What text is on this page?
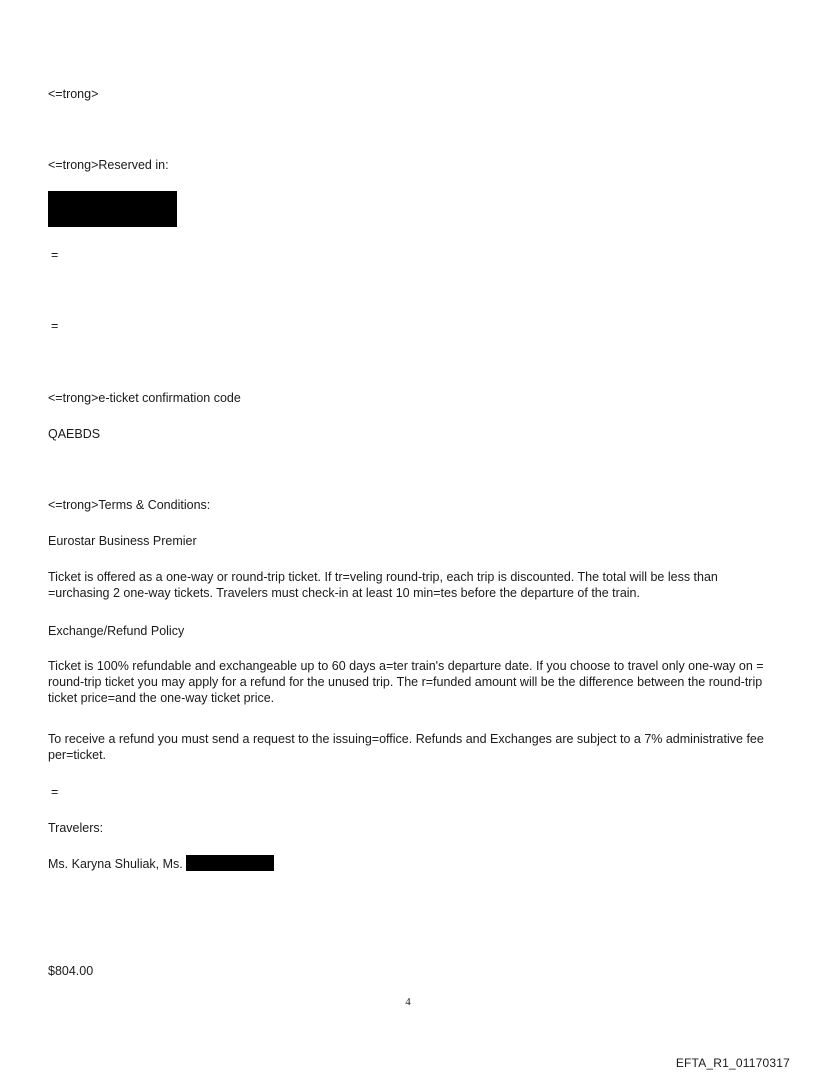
<=trong>

<=trong>Reserved in:

=

=

<=trong>e-ticket confirmation code

QAEBDS

<=trong>Terms & Conditions:

Eurostar Business Premier

Ticket is offered as a one-way or round-trip ticket. If tr=veling round-trip, each trip is discounted. The total will be less than =urchasing 2 one-way tickets. Travelers must check-in at least 10 min=tes before the departure of the train.

Exchange/Refund Policy

Ticket is 100% refundable and exchangeable up to 60 days a=ter train's departure date. If you choose to travel only one-way on = round-trip ticket you may apply for a refund for the unused trip. The r=funded amount will be the difference between the round-trip ticket price=and the one-way ticket price.

To receive a refund you must send a request to the issuing=office. Refunds and Exchanges are subject to a 7% administrative fee per=ticket.

=

Travelers:

Ms. Karyna Shuliak, Ms.

$804.00

4
EFTA_R1_01170317
